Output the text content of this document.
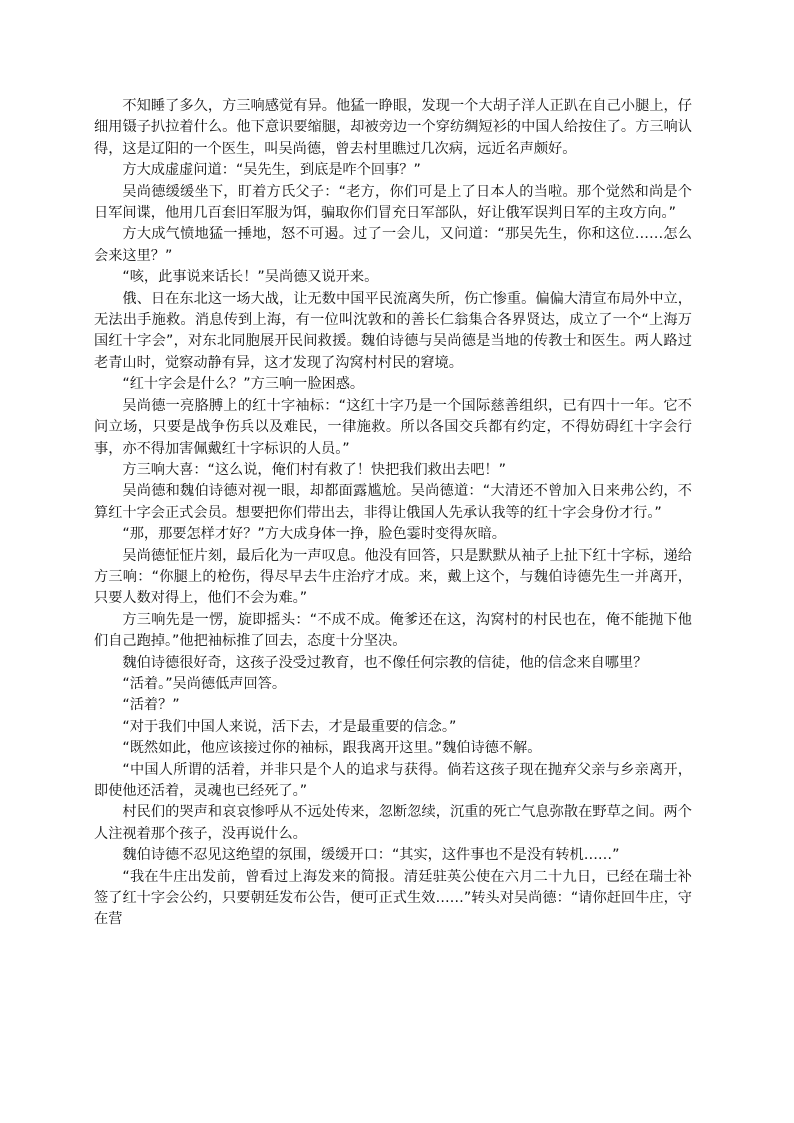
不知睡了多久，方三响感觉有异。他猛一睁眼，发现一个大胡子洋人正趴在自己小腿上，仔细用镊子扒拉着什么。他下意识要缩腿，却被旁边一个穿纺绸短衫的中国人给按住了。方三响认得，这是辽阳的一个医生，叫吴尚德，曾去村里瞧过几次病，远近名声颇好。

方大成虚虚问道：“吴先生，到底是咋个回事？”

吴尚德缓缓坐下，盯着方氏父子：“老方，你们可是上了日本人的当啦。那个觉然和尚是个日军间谍，他用几百套旧军服为饵，骗取你们冒充日军部队，好让俄军误判日军的主攻方向。”

方大成气愤地猛一捶地，怒不可遏。过了一会儿，又问道：“那吴先生，你和这位……怎么会来这里？”

“咳，此事说来话长！”吴尚德又说开来。

俄、日在东北这一场大战，让无数中国平民流离失所，伤亡惨重。偏偏大清宣布局外中立，无法出手施救。消息传到上海，有一位叫沈敦和的善长仁翁集合各界贤达，成立了一个“上海万国红十字会”，对东北同胞展开民间救援。魏伯诗德与吴尚德是当地的传教士和医生。两人路过老青山时，觉察动静有异，这才发现了沟窝村村民的窘境。

“红十字会是什么？”方三响一脸困惑。

吴尚德一亮胳膊上的红十字袖标：“这红十字乃是一个国际慈善组织，已有四十一年。它不问立场，只要是战争伤兵以及难民，一律施救。所以各国交兵都有约定，不得妨碍红十字会行事，亦不得加害佩戴红十字标识的人员。”

方三响大喜：“这么说，俺们村有救了！快把我们救出去吧！”

吴尚德和魏伯诗德对视一眼，却都面露尴尬。吴尚德道：“大清还不曾加入日来弗公约，不算红十字会正式会员。想要把你们带出去，非得让俄国人先承认我等的红十字会身份才行。”

“那，那要怎样才好？”方大成身体一挣，脸色霎时变得灰暗。

吴尚德怔怔片刻，最后化为一声叹息。他没有回答，只是默默从袖子上扯下红十字标，递给方三响：“你腿上的枪伤，得尽早去牛庄治疗才成。来，戴上这个，与魏伯诗德先生一并离开，只要人数对得上，他们不会为难。”

方三响先是一愣，旋即摇头：“不成不成。俺爹还在这，沟窝村的村民也在，俺不能抛下他们自己跑掉。”他把袖标推了回去，态度十分坚决。

魏伯诗德很好奇，这孩子没受过教育，也不像任何宗教的信徒，他的信念来自哪里？

“活着。”吴尚德低声回答。

“活着？”

“对于我们中国人来说，活下去，才是最重要的信念。”

“既然如此，他应该接过你的袖标，跟我离开这里。”魏伯诗德不解。

“中国人所谓的活着，并非只是个人的追求与获得。倘若这孩子现在抛弃父亲与乡亲离开，即使他还活着，灵魂也已经死了。”

村民们的哭声和哀哀惨呼从不远处传来，忽断忽续，沉重的死亡气息弥散在野草之间。两个人注视着那个孩子，没再说什么。

魏伯诗德不忍见这绝望的氛围，缓缓开口：“其实，这件事也不是没有转机……”

“我在牛庄出发前，曾看过上海发来的简报。清廷驻英公使在六月二十九日，已经在瑞士补签了红十字会公约，只要朝廷发布公告，便可正式生效……”转头对吴尚德：“请你赶回牛庄，守在营
